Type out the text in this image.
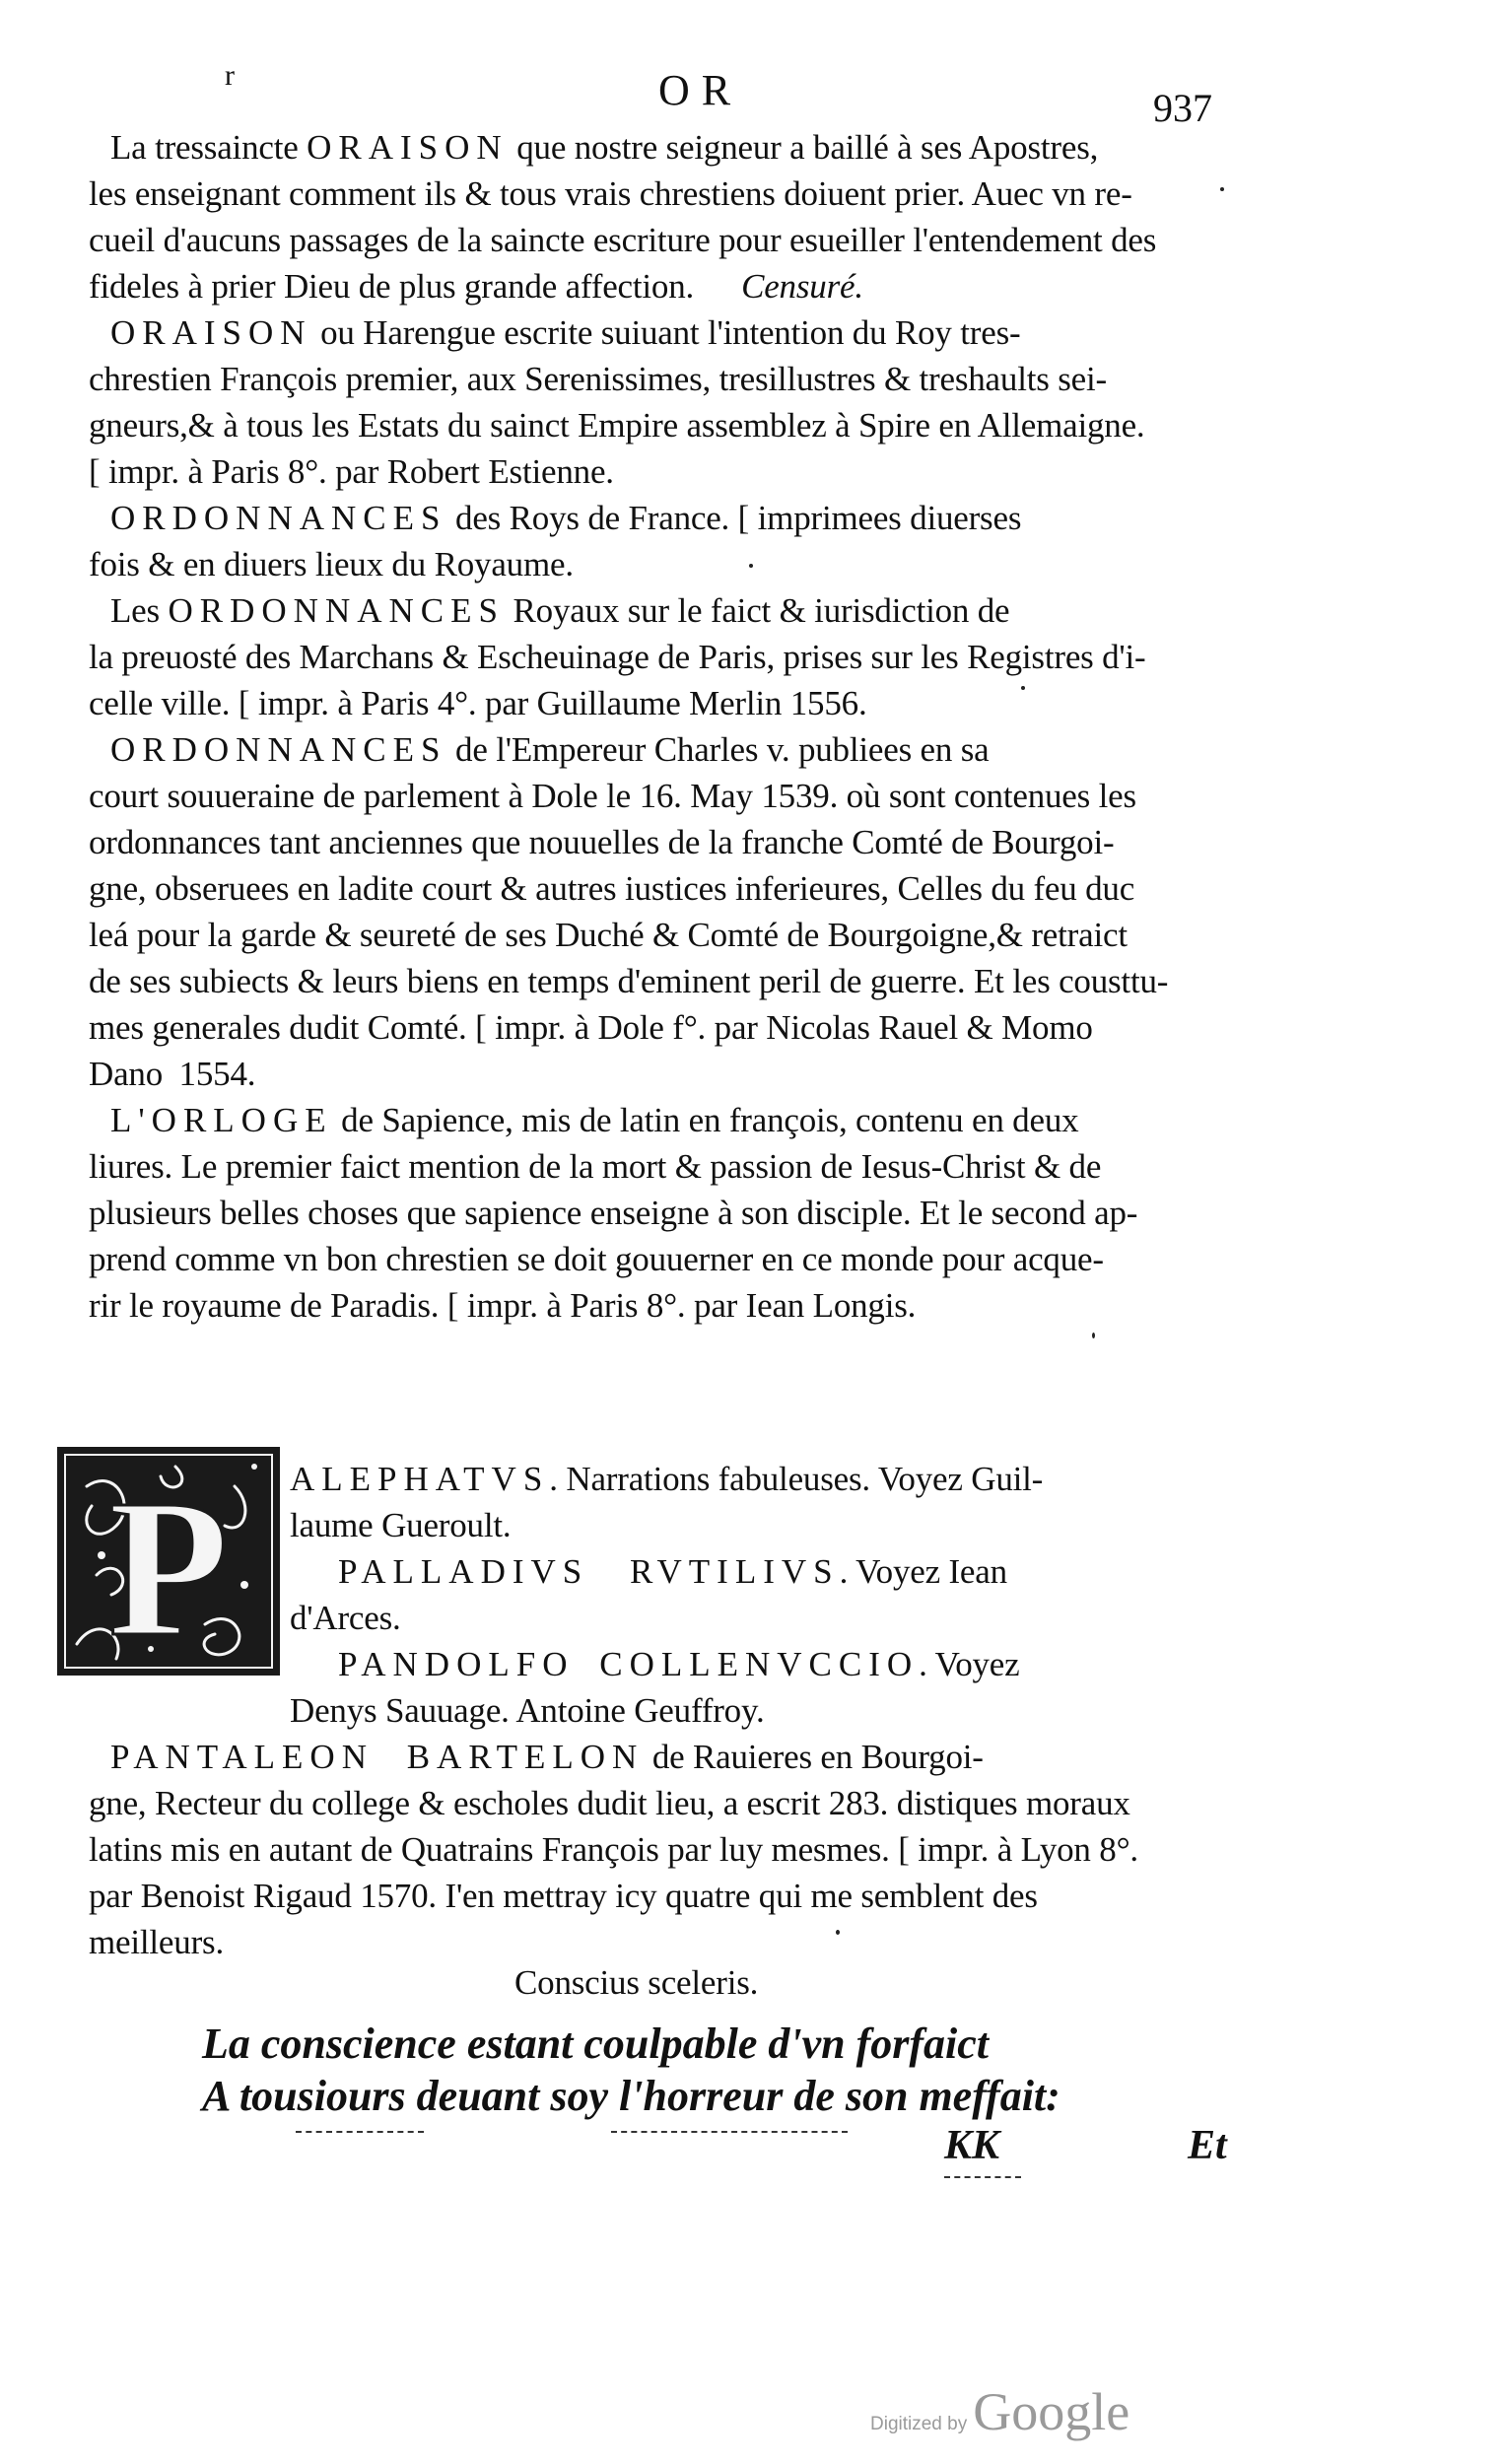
r	OR	937
La tressaincte ORAISON que nostre seigneur a baillé à ses Apostres,
les enseignant comment ils & tous vrais chrestiens doiuent prier. Auec vn re-
cueil d'aucuns passages de la saincte escriture pour esueiller l'entendement des
fideles à prier Dieu de plus grande affection. Censuré.
ORAISON ou Harengue escrite suiuant l'intention du Roy tres-
chrestien François premier, aux Serenissimes, tresillustres & treshaults sei-
gneurs,& à tous les Estats du sainct Empire assemblez à Spire en Allemaigne.
[ impr. à Paris 8°. par Robert Estienne.
ORDONNANCES des Roys de France. [ imprimees diuerses
fois & en diuers lieux du Royaume.
Les ORDONNANCES Royaux sur le faict & iurisdiction de
la preuosté des Marchans & Escheuinage de Paris, prises sur les Registres d'i-
celle ville. [ impr. à Paris 4°. par Guillaume Merlin 1556.
ORDONNANCES de l'Empereur Charles v. publiees en sa
court souueraine de parlement à Dole le 16. May 1539. où sont contenues les
ordonnances tant anciennes que nouuelles de la franche Comté de Bourgoi-
gne, obseruees en ladite court & autres iustices inferieures, Celles du feu duc
leá pour la garde & seureté de ses Duché & Comté de Bourgoigne,& retraict
de ses subiects & leurs biens en temps d'eminent peril de guerre. Et les cousttu-
mes generales dudit Comté. [ impr. à Dole f°. par Nicolas Rauel & Momo
Dano 1554.
L'ORLOGE de Sapience, mis de latin en françois, contenu en deux
liures. Le premier faict mention de la mort & passion de Iesus-Christ & de
plusieurs belles choses que sapience enseigne à son disciple. Et le second ap-
prend comme vn bon chrestien se doit gouuerner en ce monde pour acque-
rir le royaume de Paradis. [ impr. à Paris 8°. par Iean Longis.
P ALEPHATVS. Narrations fabuleuses. Voyez Guil-
laume Gueroult.
PALLADIVS RVTILIVS. Voyez Iean
d'Arces.
PANDOLFO COLLENVCCIO. Voyez
Denys Sauuage. Antoine Geuffroy.
PANTALEON BARTELON de Rauieres en Bourgoi-
gne, Recteur du college & escholes dudit lieu, a escrit 283. distiques moraux
latins mis en autant de Quatrains François par luy mesmes. [ impr. à Lyon 8°.
par Benoist Rigaud 1570. I'en mettray icy quatre qui me semblent des
meilleurs.
Conscius sceleris.
La conscience estant coulpable d'vn forfaict
A tousiours deuant soy l'horreur de son meffait:
KK	Et
Digitized by Google
